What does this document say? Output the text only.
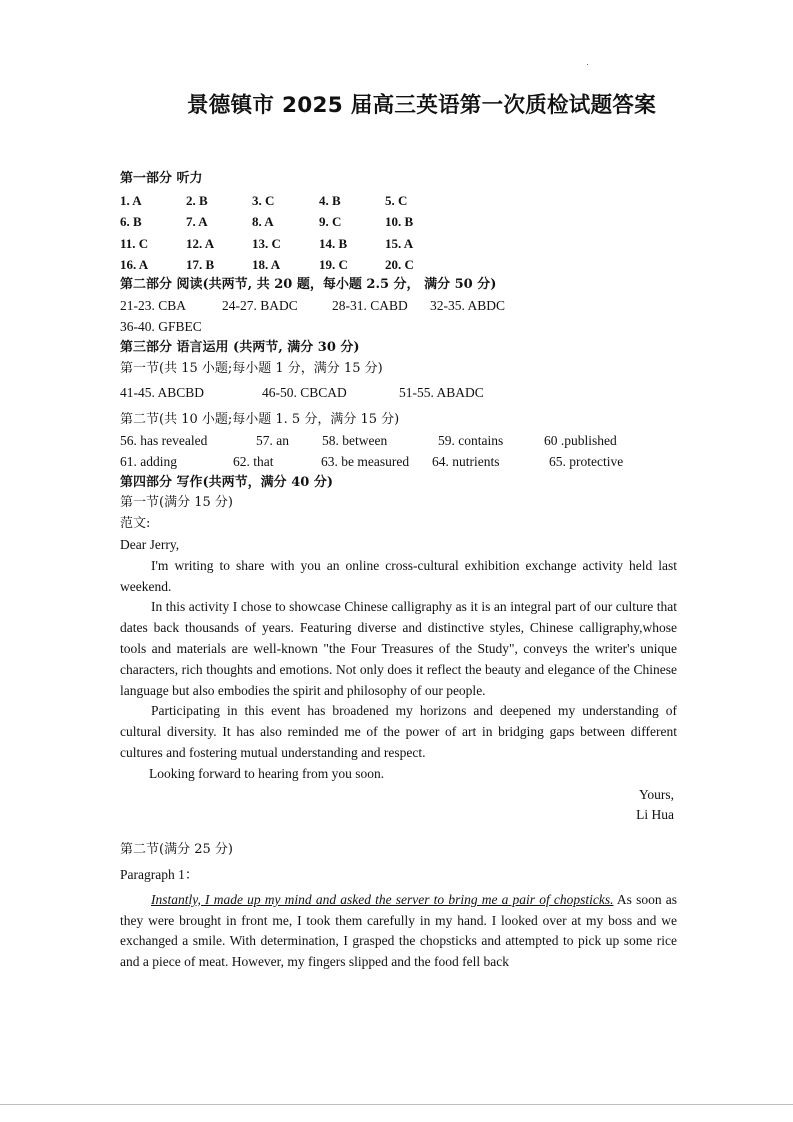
景德镇市 2025 届高三英语第一次质检试题答案
第一部分 听力
1. A	2. B	3. C	4. B	5. C
6. B	7. A	8. A	9. C	10. B
11. C	12. A	13. C	14. B	15. A
16. A	17. B	18. A	19. C	20. C
第二部分 阅读(共两节, 共 20 题，每小题 2.5 分， 满分 50 分)
21-23. CBA	24-27. BADC	28-31. CABD	32-35. ABDC
36-40. GFBEC
第三部分 语言运用 (共两节, 满分 30 分)
第一节(共 15 小题;每小题 1 分，满分 15 分)
41-45. ABCBD	46-50. CBCAD	51-55. ABADC
第二节(共 10 小题;每小题 1. 5 分，满分 15 分)
56. has revealed	57. an	58. between	59. contains	60 .published
61. adding	62. that	63. be measured	64. nutrients	65. protective
第四部分 写作(共两节，满分 40 分)
第一节(满分 15 分)
范文:
Dear Jerry,
I'm writing to share with you an online cross-cultural exhibition exchange activity held last weekend.
In this activity I chose to showcase Chinese calligraphy as it is an integral part of our culture that dates back thousands of years. Featuring diverse and distinctive styles, Chinese calligraphy,whose tools and materials are well-known "the Four Treasures of the Study", conveys the writer's unique characters, rich thoughts and emotions. Not only does it reflect the beauty and elegance of the Chinese language but also embodies the spirit and philosophy of our people.
Participating in this event has broadened my horizons and deepened my understanding of cultural diversity. It has also reminded me of the power of art in bridging gaps between different cultures and fostering mutual understanding and respect.
Looking forward to hearing from you soon.
Yours,
Li Hua
第二节(满分 25 分)
Paragraph 1：
Instantly, I made up my mind and asked the server to bring me a pair of chopsticks. As soon as they were brought in front me, I took them carefully in my hand. I looked over at my boss and we exchanged a smile. With determination, I grasped the chopsticks and attempted to pick up some rice and a piece of meat. However, my fingers slipped and the food fell back
